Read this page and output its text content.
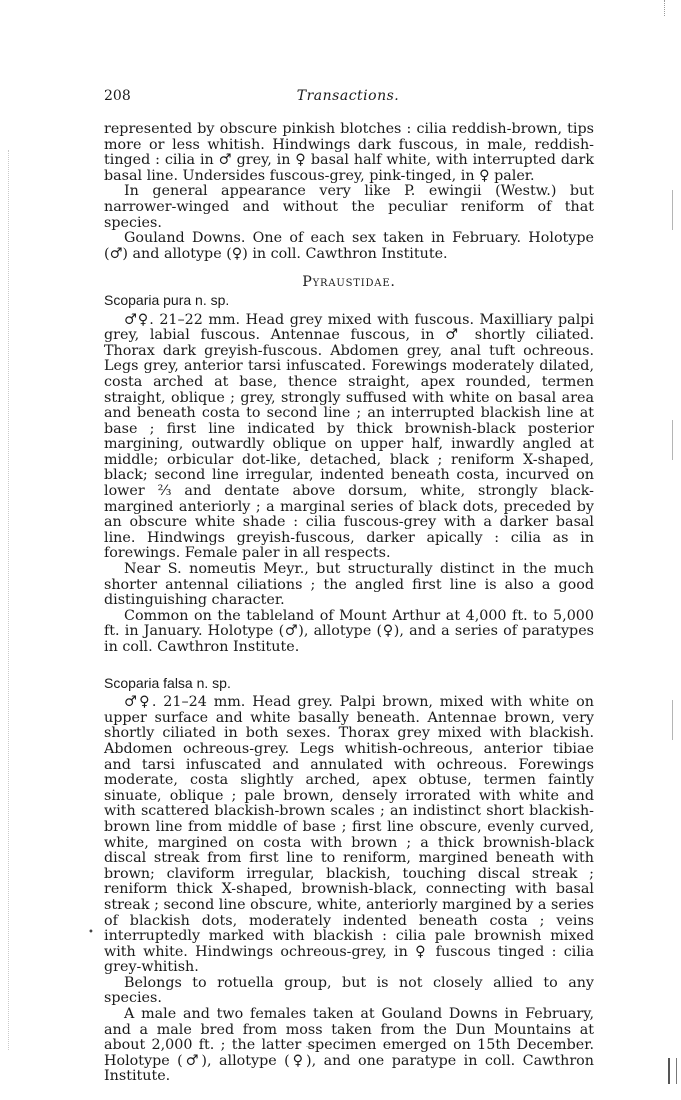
•
208	Transactions.

represented by obscure pinkish blotches : cilia reddish-brown, tips more or less whitish. Hindwings dark fuscous, in male, reddish-tinged : cilia in ♂ grey, in ♀ basal half white, with interrupted dark basal line. Undersides fuscous-grey, pink-tinged, in ♀ paler.

In general appearance very like P. ewingii (Westw.) but narrower-winged and without the peculiar reniform of that species.

Gouland Downs. One of each sex taken in February. Holotype (♂) and allotype (♀) in coll. Cawthron Institute.

Pyraustidae.

Scoparia pura n. sp.

♂♀. 21–22 mm. Head grey mixed with fuscous. Maxilliary palpi grey, labial fuscous. Antennae fuscous, in ♂ shortly ciliated. Thorax dark greyish-fuscous. Abdomen grey, anal tuft ochreous. Legs grey, anterior tarsi infuscated. Forewings moderately dilated, costa arched at base, thence straight, apex rounded, termen straight, oblique ; grey, strongly suffused with white on basal area and beneath costa to second line ; an interrupted blackish line at base ; first line indicated by thick brownish-black posterior margining, outwardly oblique on upper half, inwardly angled at middle; orbicular dot-like, detached, black ; reniform X-shaped, black; second line irregular, indented beneath costa, incurved on lower ⅔ and dentate above dorsum, white, strongly black-margined anteriorly ; a marginal series of black dots, preceded by an obscure white shade : cilia fuscous-grey with a darker basal line. Hindwings greyish-fuscous, darker apically : cilia as in forewings. Female paler in all respects.

Near S. nomeutis Meyr., but structurally distinct in the much shorter antennal ciliations ; the angled first line is also a good distinguishing character.

Common on the tableland of Mount Arthur at 4,000 ft. to 5,000 ft. in January. Holotype (♂), allotype (♀), and a series of paratypes in coll. Cawthron Institute.

Scoparia falsa n. sp.

♂♀. 21–24 mm. Head grey. Palpi brown, mixed with white on upper surface and white basally beneath. Antennae brown, very shortly ciliated in both sexes. Thorax grey mixed with blackish. Abdomen ochreous-grey. Legs whitish-ochreous, anterior tibiae and tarsi infuscated and annulated with ochreous. Forewings moderate, costa slightly arched, apex obtuse, termen faintly sinuate, oblique ; pale brown, densely irrorated with white and with scattered blackish-brown scales ; an indistinct short blackish-brown line from middle of base ; first line obscure, evenly curved, white, margined on costa with brown ; a thick brownish-black discal streak from first line to reniform, margined beneath with brown; claviform irregular, blackish, touching discal streak ; reniform thick X-shaped, brownish-black, connecting with basal streak ; second line obscure, white, anteriorly margined by a series of blackish dots, moderately indented beneath costa ; veins interruptedly marked with blackish : cilia pale brownish mixed with white. Hindwings ochreous-grey, in ♀ fuscous tinged : cilia grey-whitish.

Belongs to rotuella group, but is not closely allied to any species.

A male and two females taken at Gouland Downs in February, and a male bred from moss taken from the Dun Mountains at about 2,000 ft. ; the latter specimen emerged on 15th December. Holotype (♂), allotype (♀), and one paratype in coll. Cawthron Institute.
